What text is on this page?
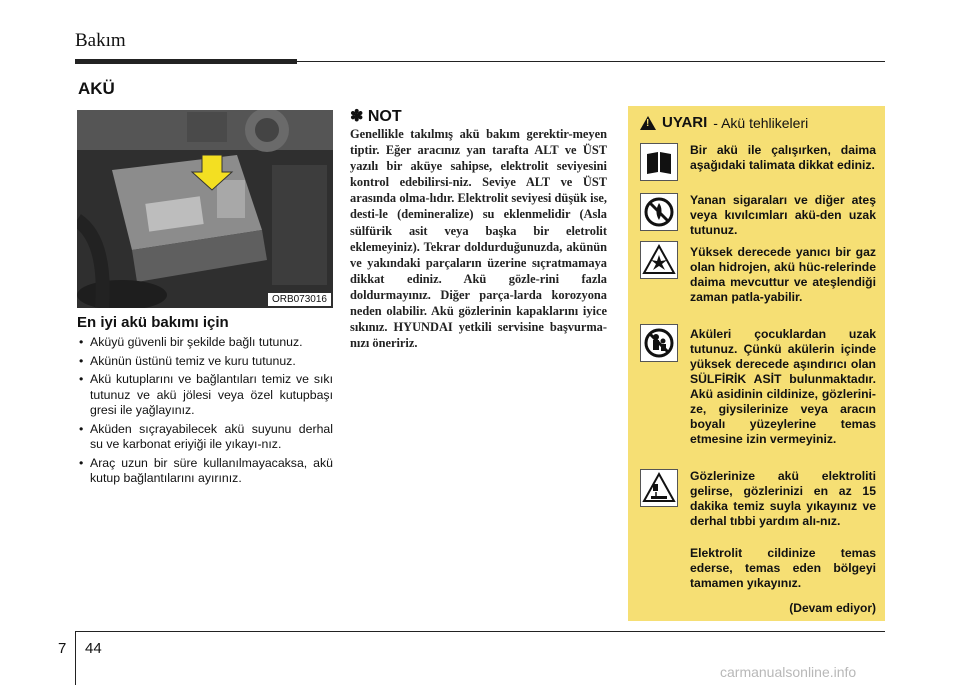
Bakım
AKÜ
ORB073016
En iyi akü bakımı için
• Aküyü güvenli bir şekilde bağlı tutunuz.
• Akünün üstünü temiz ve kuru tutunuz.
• Akü kutuplarını ve bağlantıları temiz ve sıkı tutunuz ve akü jölesi veya özel kutupbaşı gresi ile yağlayınız.
• Aküden sıçrayabilecek akü suyunu derhal su ve karbonat eriyiği ile yıkayı-nız.
• Araç uzun bir süre kullanılmayacaksa, akü kutup bağlantılarını ayırınız.
✽ NOT

Genellikle takılmış akü bakım gerektir-meyen tiptir. Eğer aracınız yan tarafta ALT ve ÜST yazılı bir aküye sahipse, elektrolit seviyesini kontrol edebilirsi-niz. Seviye ALT ve ÜST arasında olma-lıdır. Elektrolit seviyesi düşük ise, desti-le (demineralize) su eklenmelidir (Asla sülfürik asit veya başka bir eletrolit eklemeyiniz). Tekrar doldurduğunuzda, akünün ve yakındaki parçaların üzerine sıçratmamaya dikkat ediniz. Akü gözle-rini fazla doldurmayınız. Diğer parça-larda korozyona neden olabilir. Akü gözlerinin kapaklarını iyice sıkınız. HYUNDAI yetkili servisine başvurma-nızı öneririz.

!
UYARI - Akü tehlikeleri

Bir akü ile çalışırken, daima aşağıdaki talimata dikkat ediniz.

Yanan sigaraları ve diğer ateş veya kıvılcımları akü-den uzak tutunuz.

Yüksek derecede yanıcı bir gaz olan hidrojen, akü hüc-relerinde daima mevcuttur ve ateşlendiği zaman patla-yabilir.

Aküleri çocuklardan uzak tutunuz. Çünkü akülerin içinde yüksek derecede aşındırıcı olan SÜLFİRİK ASİT bulunmaktadır. Akü asidinin cildinize, gözlerini-ze, giysilerinize veya aracın boyalı yüzeylerine temas etmesine izin vermeyiniz.

Gözlerinize akü elektroliti gelirse, gözlerinizi en az 15 dakika temiz suyla yıkayınız ve derhal tıbbi yardım alı-nız.

Elektrolit cildinize temas ederse, temas eden bölgeyi tamamen yıkayınız.

(Devam ediyor)
7 44
carmanualsonline.info
